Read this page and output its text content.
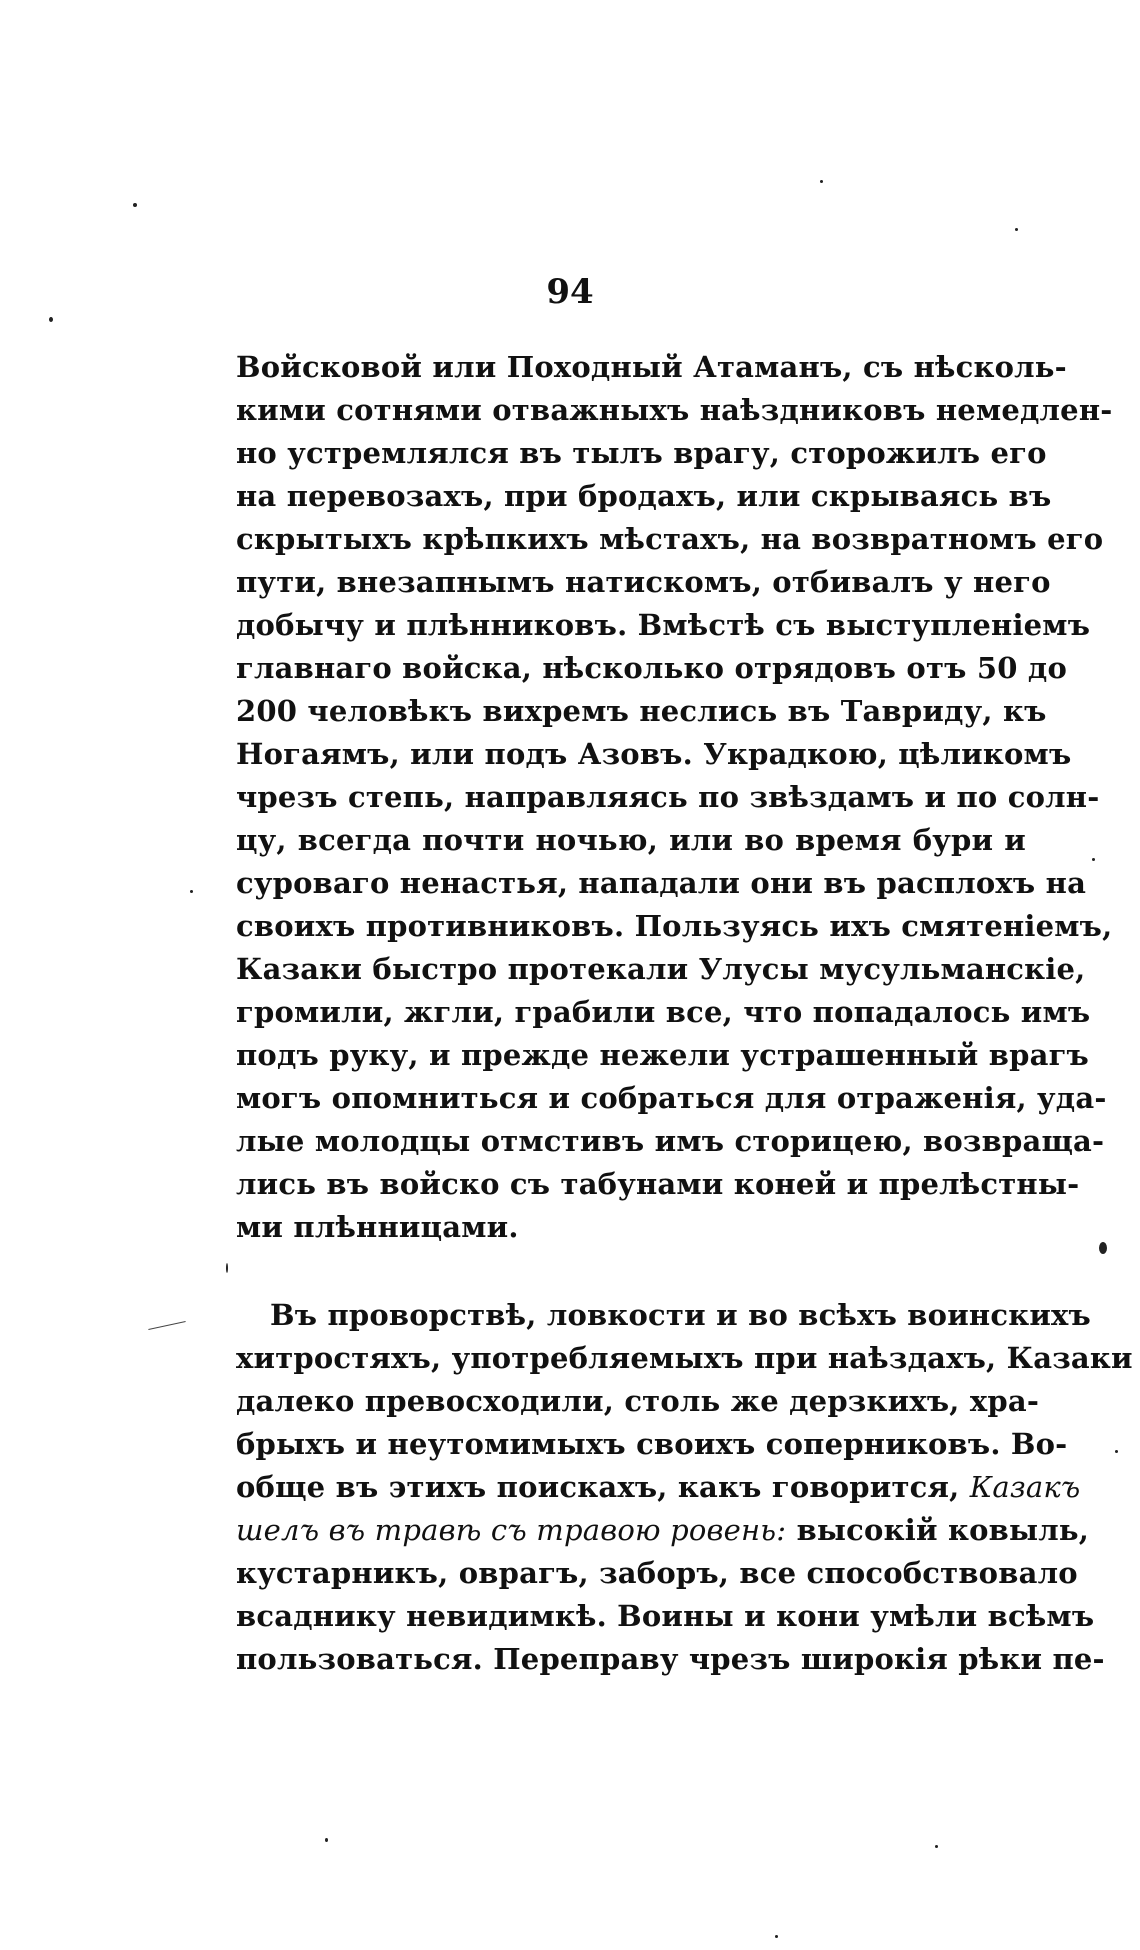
94
Войсковой или Походный Атаманъ, съ нѣсколь-
кими сотнями отважныхъ наѣздниковъ немедлен-
но устремлялся въ тылъ врагу, сторожилъ его
на перевозахъ, при бродахъ, или скрываясь въ
скрытыхъ крѣпкихъ мѣстахъ, на возвратномъ его
пути, внезапнымъ натискомъ, отбивалъ у него
добычу и плѣнниковъ. Вмѣстѣ съ выступленіемъ
главнаго войска, нѣсколько отрядовъ отъ 50 до
200 человѣкъ вихремъ неслись въ Тавриду, къ
Ногаямъ, или подъ Азовъ. Украдкою, цѣликомъ
чрезъ степь, направляясь по звѣздамъ и по солн-
цу, всегда почти ночью, или во время бури и
суроваго ненастья, нападали они въ расплохъ на
своихъ противниковъ. Пользуясь ихъ смятеніемъ,
Казаки быстро протекали Улусы мусульманскіе,
громили, жгли, грабили все, что попадалось имъ
подъ руку, и прежде нежели устрашенный врагъ
могъ опомниться и собраться для отраженія, уда-
лые молодцы отмстивъ имъ сторицею, возвраща-
лись въ войско съ табунами коней и прелѣстны-
ми плѣнницами.
Въ проворствѣ, ловкости и во всѣхъ воинскихъ
хитростяхъ, употребляемыхъ при наѣздахъ, Казаки
далеко превосходили, столь же дерзкихъ, хра-
брыхъ и неутомимыхъ своихъ соперниковъ. Во-
обще въ этихъ поискахъ, какъ говорится, Казакъ
шелъ въ травѣ съ травою ровень: высокій ковыль,
кустарникъ, оврагъ, заборъ, все способствовало
всаднику невидимкѣ. Воины и кони умѣли всѣмъ
пользоваться. Переправу чрезъ широкія рѣки пе-
